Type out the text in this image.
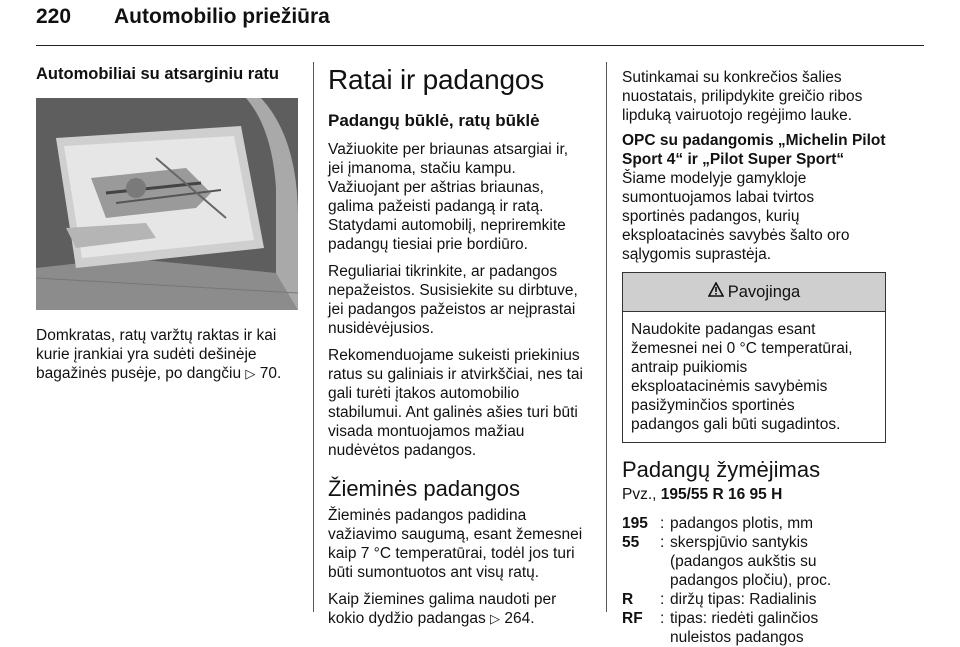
220 Automobilio priežiūra
Automobiliai su atsarginiu ratu

Domkratas, ratų varžtų raktas ir kai

kurie įrankiai yra sudėti dešinėje

bagažinės pusėje, po dangčiu ▷ 70.

Ratai ir padangos
Padangų būklė, ratų būklė

Važiuokite per briaunas atsargiai ir,

jei įmanoma, stačiu kampu.

Važiuojant per aštrias briaunas,

galima pažeisti padangą ir ratą.

Statydami automobilį, nepriremkite

padangų tiesiai prie bordiūro.

Reguliariai tikrinkite, ar padangos

nepažeistos. Susisiekite su dirbtuve,

jei padangos pažeistos ar neįprastai

nusidėvėjusios.

Rekomenduojame sukeisti priekinius

ratus su galiniais ir atvirkščiai, nes tai

gali turėti įtakos automobilio

stabilumui. Ant galinės ašies turi būti

visada montuojamos mažiau

nudėvėtos padangos.

Žieminės padangos

Žieminės padangos padidina

važiavimo saugumą, esant žemesnei

kaip 7 °C temperatūrai, todėl jos turi

būti sumontuotos ant visų ratų.

Kaip žiemines galima naudoti per

kokio dydžio padangas ▷ 264.

Sutinkamai su konkrečios šalies

nuostatais, prilipdykite greičio ribos

lipduką vairuotojo regėjimo lauke.

OPC su padangomis „Michelin Pilot
Sport 4“ ir „Pilot Super Sport“

Šiame modelyje gamykloje

sumontuojamos labai tvirtos

sportinės padangos, kurių

eksploatacinės savybės šalto oro

sąlygomis suprastėja.

Pavojinga

Naudokite padangas esant

žemesnei nei 0 °C temperatūrai,

antraip puikiomis

eksploatacinėmis savybėmis

pasižyminčios sportinės

padangos gali būti sugadintos.

Padangų žymėjimas
Pvz., 195/55 R 16 95 H
195 : padangos plotis, mm
55	: skerspjūvio santykis
(padangos aukštis su
padangos pločiu), proc.
R	: diržų tipas: Radialinis
RF	: tipas: riedėti galinčios
nuleistos padangos
